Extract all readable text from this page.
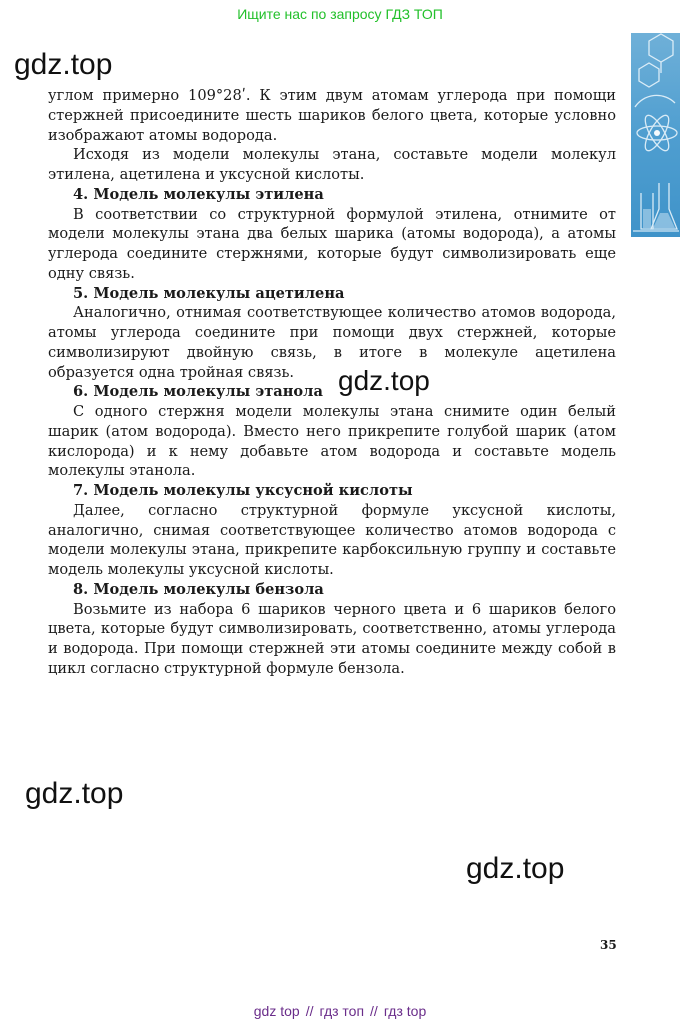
Ищите нас по запросу ГДЗ ТОП
gdz.top
gdz.top
gdz.top
gdz.top

углом примерно 109°28ʹ. К этим двум атомам углерода при помощи стержней присоедините шесть шариков белого цвета, которые условно изображают атомы водорода.

Исходя из модели молекулы этана, составьте модели молекул этилена, ацетилена и уксусной кислоты.

4. Модель молекулы этилена

В соответствии со структурной формулой этилена, отнимите от модели молекулы этана два белых шарика (атомы водорода), а атомы углерода соедините стержнями, которые будут символизировать еще одну связь.

5. Модель молекулы ацетилена

Аналогично, отнимая соответствующее количество атомов водорода, атомы углерода соедините при помощи двух стержней, которые символизируют двойную связь, в итоге в молекуле ацетилена образуется одна тройная связь.

6. Модель молекулы этанола

С одного стержня модели молекулы этана снимите один белый шарик (атом водорода). Вместо него прикрепите голубой шарик (атом кислорода) и к нему добавьте атом водорода и составьте модель молекулы этанола.

7. Модель молекулы уксусной кислоты

Далее, согласно структурной формуле уксусной кислоты, аналогично, снимая соответствующее количество атомов водорода с модели молекулы этана, прикрепите карбоксильную группу и составьте модель молекулы уксусной кислоты.

8. Модель молекулы бензола

Возьмите из набора 6 шариков черного цвета и 6 шариков белого цвета, которые будут символизировать, соответственно, атомы углерода и водорода. При помощи стержней эти атомы соедините между собой в цикл согласно структурной формуле бензола.

35
gdz top // гдз топ // гдз top
